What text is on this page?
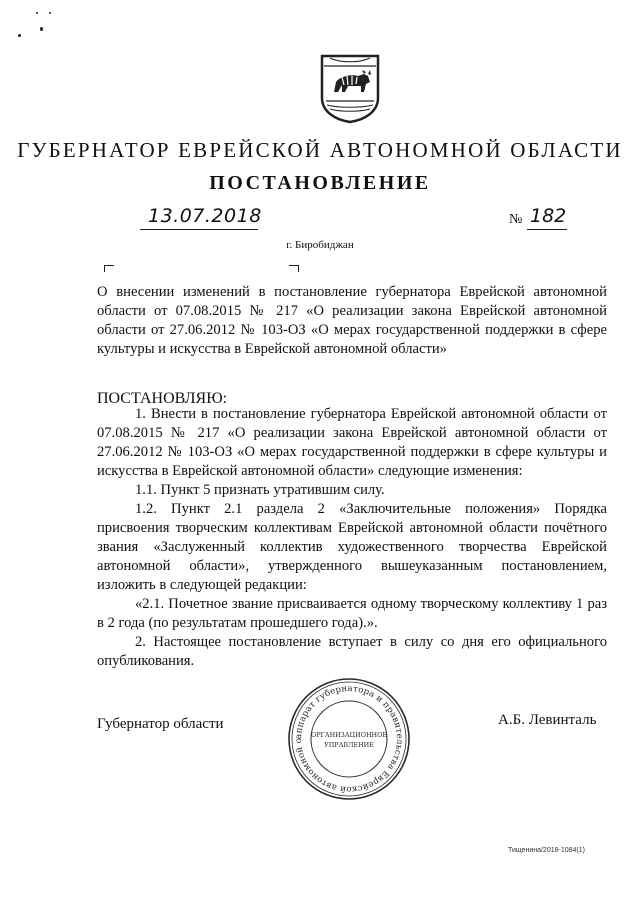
ГУБЕРНАТОР ЕВРЕЙСКОЙ АВТОНОМНОЙ ОБЛАСТИ
ПОСТАНОВЛЕНИЕ
13.07.2018	№ 182
г. Биробиджан
О внесении изменений в постановление губернатора Еврейской автономной области от 07.08.2015 № 217 «О реализации закона Еврейской автономной области от 27.06.2012 № 103-ОЗ «О мерах государственной поддержки в сфере культуры и искусства в Еврейской автономной области»
ПОСТАНОВЛЯЮ:

1. Внести в постановление губернатора Еврейской автономной области от 07.08.2015 № 217 «О реализации закона Еврейской автономной области от 27.06.2012 № 103-ОЗ «О мерах государственной поддержки в сфере культуры и искусства в Еврейской автономной области» следующие изменения:

1.1. Пункт 5 признать утратившим силу.

1.2. Пункт 2.1 раздела 2 «Заключительные положения» Порядка присвоения творческим коллективам Еврейской автономной области почётного звания «Заслуженный коллектив художественного творчества Еврейской автономной области», утвержденного вышеуказанным постановлением, изложить в следующей редакции:

«2.1. Почетное звание присваивается одному творческому коллективу 1 раз в 2 года (по результатам прошедшего года).».

2. Настоящее постановление вступает в силу со дня его официального опубликования.

Губернатор области	А.Б. Левинталь
аппарат губернатора и правительства Еврейской автономной о
ОРГАНИЗАЦИОННОЕ
УПРАВЛЕНИЕ
Тищенина/2018-1084(1)
